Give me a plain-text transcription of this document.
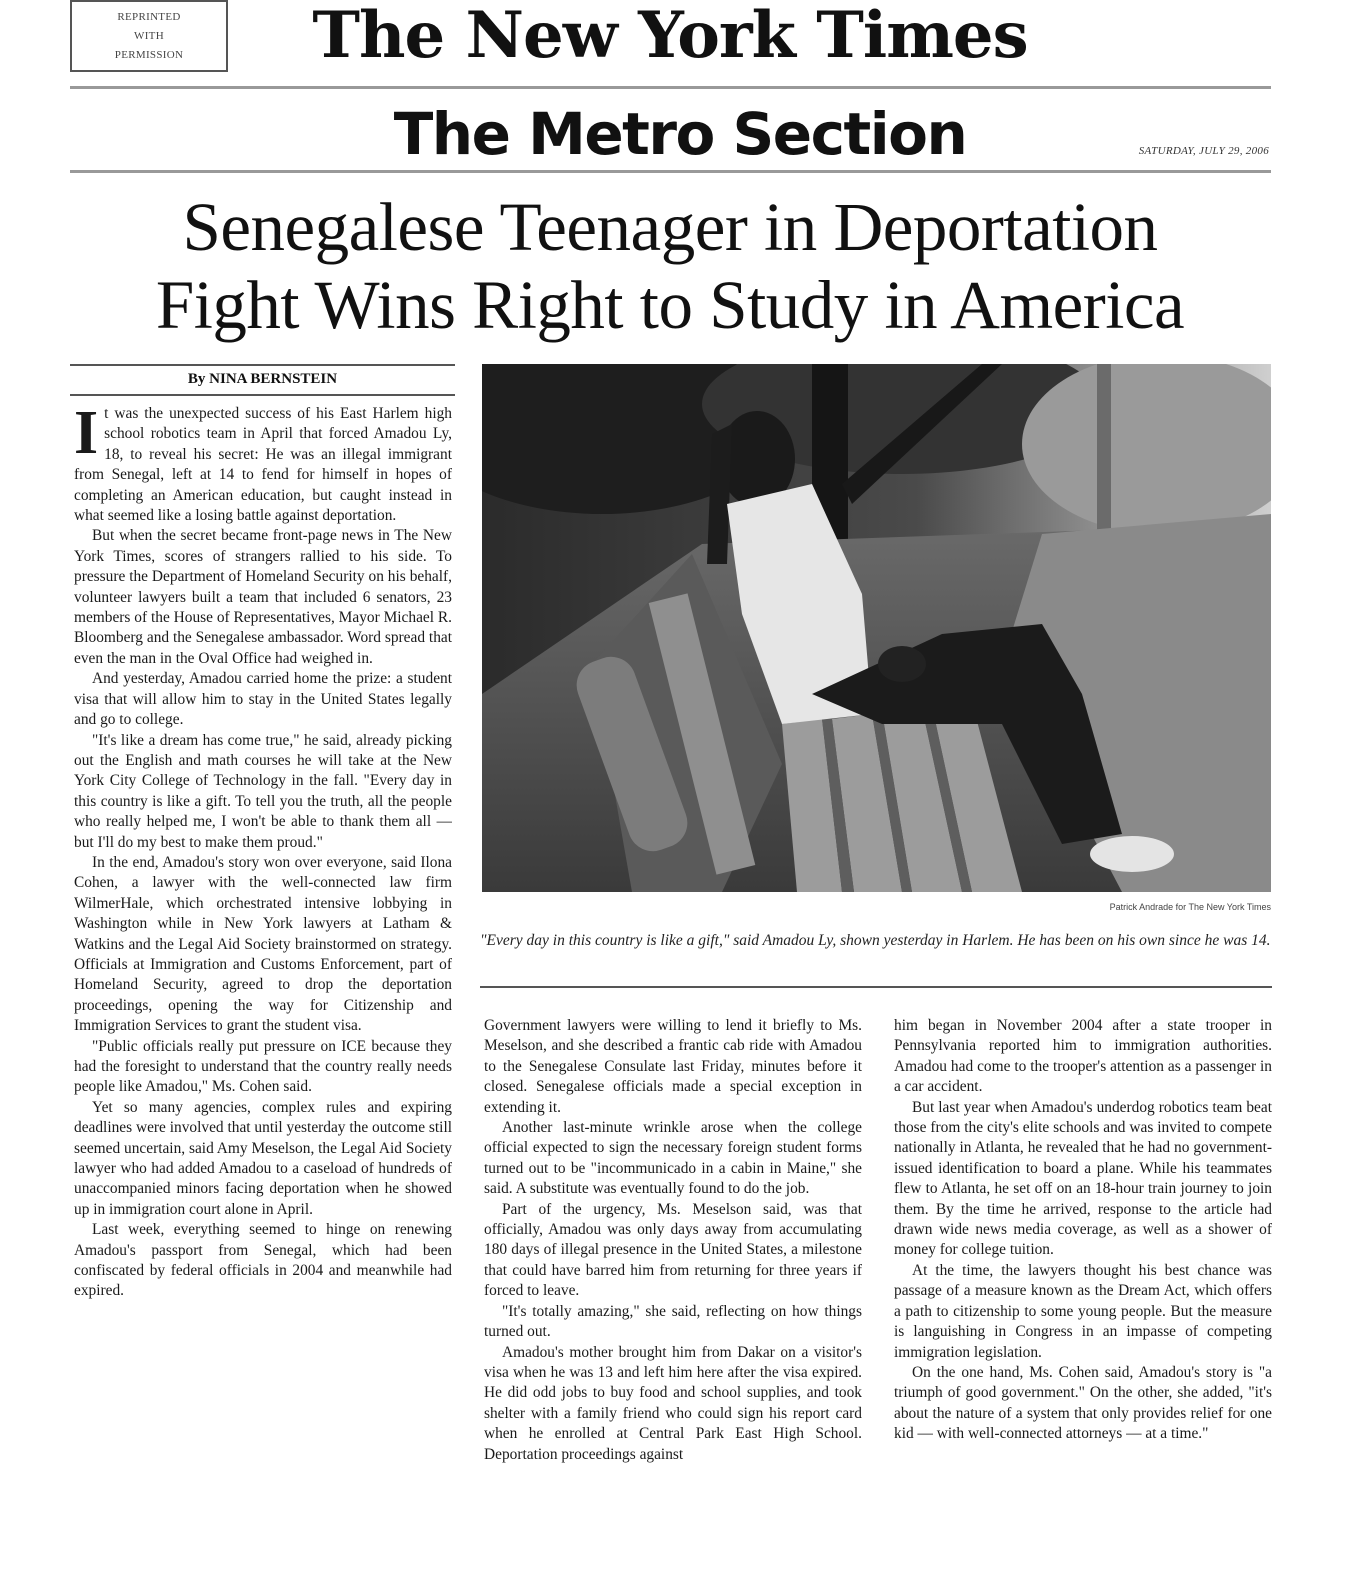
REPRINTED
WITH
PERMISSION The New York Times
The Metro Section	SATURDAY, JULY 29, 2006
Senegalese Teenager in Deportation
Fight Wins Right to Study in America
By NINA BERNSTEIN
I t was the unexpected success of his East Harlem high school robotics team in April that forced Amadou Ly, 18, to reveal his secret: He was an illegal immigrant from Senegal, left at 14 to fend for himself in hopes of completing an American education, but caught instead in what seemed like a losing battle against deportation.

But when the secret became front-page news in The New York Times, scores of strangers rallied to his side. To pressure the Department of Homeland Security on his behalf, volunteer lawyers built a team that included 6 senators, 23 members of the House of Representatives, Mayor Michael R. Bloomberg and the Senegalese ambassador. Word spread that even the man in the Oval Office had weighed in.

And yesterday, Amadou carried home the prize: a student visa that will allow him to stay in the United States legally and go to college.

"It's like a dream has come true," he said, already picking out the English and math courses he will take at the New York City College of Technology in the fall. "Every day in this country is like a gift. To tell you the truth, all the people who really helped me, I won't be able to thank them all — but I'll do my best to make them proud."

In the end, Amadou's story won over everyone, said Ilona Cohen, a lawyer with the well-connected law firm WilmerHale, which orchestrated intensive lobbying in Washington while in New York lawyers at Latham & Watkins and the Legal Aid Society brainstormed on strategy. Officials at Immigration and Customs Enforcement, part of Homeland Security, agreed to drop the deportation proceedings, opening the way for Citizenship and Immigration Services to grant the student visa.

"Public officials really put pressure on ICE because they had the foresight to understand that the country really needs people like Amadou," Ms. Cohen said.

Yet so many agencies, complex rules and expiring deadlines were involved that until yesterday the outcome still seemed uncertain, said Amy Meselson, the Legal Aid Society lawyer who had added Amadou to a caseload of hundreds of unaccompanied minors facing deportation when he showed up in immigration court alone in April.

Last week, everything seemed to hinge on renewing Amadou's passport from Senegal, which had been confiscated by federal officials in 2004 and meanwhile had expired.

Patrick Andrade for The New York Times
"Every day in this country is like a gift," said Amadou Ly, shown yesterday in Harlem. He has been on his own since he was 14.

Government lawyers were willing to lend it briefly to Ms. Meselson, and she described a frantic cab ride with Amadou to the Senegalese Consulate last Friday, minutes before it closed. Senegalese officials made a special exception in extending it.

Another last-minute wrinkle arose when the college official expected to sign the necessary foreign student forms turned out to be "incommunicado in a cabin in Maine," she said. A substitute was eventually found to do the job.

Part of the urgency, Ms. Meselson said, was that officially, Amadou was only days away from accumulating 180 days of illegal presence in the United States, a milestone that could have barred him from returning for three years if forced to leave.

"It's totally amazing," she said, reflecting on how things turned out.

Amadou's mother brought him from Dakar on a visitor's visa when he was 13 and left him here after the visa expired. He did odd jobs to buy food and school supplies, and took shelter with a family friend who could sign his report card when he enrolled at Central Park East High School. Deportation proceedings against

him began in November 2004 after a state trooper in Pennsylvania reported him to immigration authorities. Amadou had come to the trooper's attention as a passenger in a car accident.

But last year when Amadou's underdog robotics team beat those from the city's elite schools and was invited to compete nationally in Atlanta, he revealed that he had no government-issued identification to board a plane. While his teammates flew to Atlanta, he set off on an 18-hour train journey to join them. By the time he arrived, response to the article had drawn wide news media coverage, as well as a shower of money for college tuition.

At the time, the lawyers thought his best chance was passage of a measure known as the Dream Act, which offers a path to citizenship to some young people. But the measure is languishing in Congress in an impasse of competing immigration legislation.

On the one hand, Ms. Cohen said, Amadou's story is "a triumph of good government." On the other, she added, "it's about the nature of a system that only provides relief for one kid — with well-connected attorneys — at a time."
